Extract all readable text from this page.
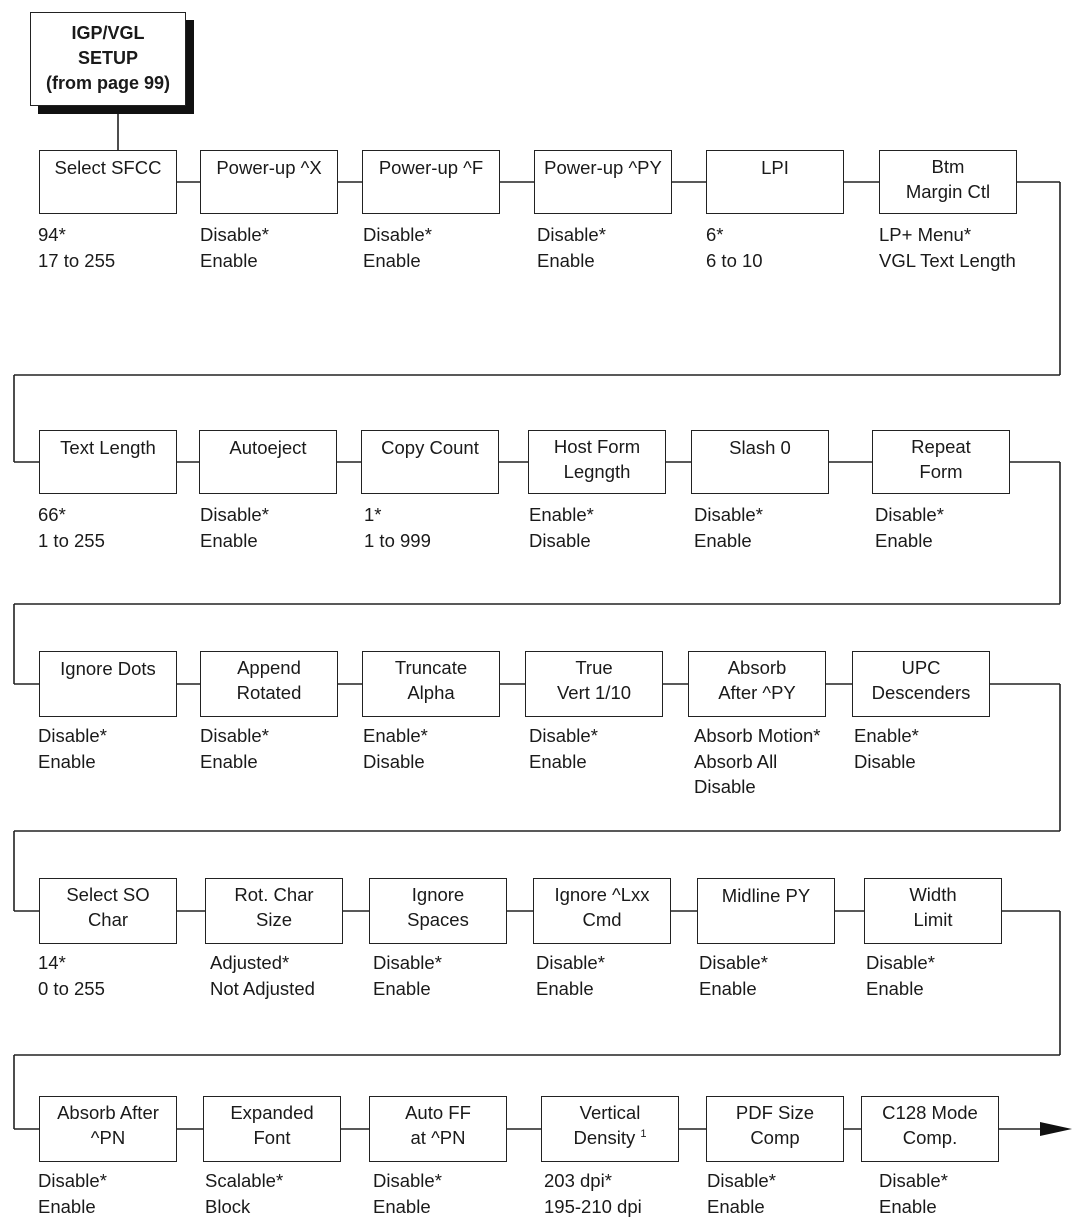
IGP/VGL
SETUP
(from page 99)
Select SFCC
94*
17 to 255
Power-up ^X
Disable*
Enable
Power-up ^F
Disable*
Enable
Power-up ^PY
Disable*
Enable
LPI
6*
6 to 10
Btm
Margin Ctl
LP+ Menu*
VGL Text Length
Text Length
66*
1 to 255
Autoeject
Disable*
Enable
Copy Count
1*
1 to 999
Host Form
Legngth
Enable*
Disable
Slash 0
Disable*
Enable
Repeat
Form
Disable*
Enable
Ignore Dots
Disable*
Enable
Append
Rotated
Disable*
Enable
Truncate
Alpha
Enable*
Disable
True
Vert 1/10
Disable*
Enable
Absorb
After ^PY
Absorb Motion*
Absorb All
Disable
UPC
Descenders
Enable*
Disable
Select SO
Char
14*
0 to 255
Rot. Char
Size
Adjusted*
Not Adjusted
Ignore
Spaces
Disable*
Enable
Ignore ^Lxx
Cmd
Disable*
Enable
Midline PY
Disable*
Enable
Width
Limit
Disable*
Enable
Absorb After
^PN
Disable*
Enable
Expanded
Font
Scalable*
Block
Auto FF
at ^PN
Disable*
Enable
Vertical
Density $^1$
203 dpi*
195-210 dpi
PDF Size
Comp
Disable*
Enable
C128 Mode
Comp.
Disable*
Enable
